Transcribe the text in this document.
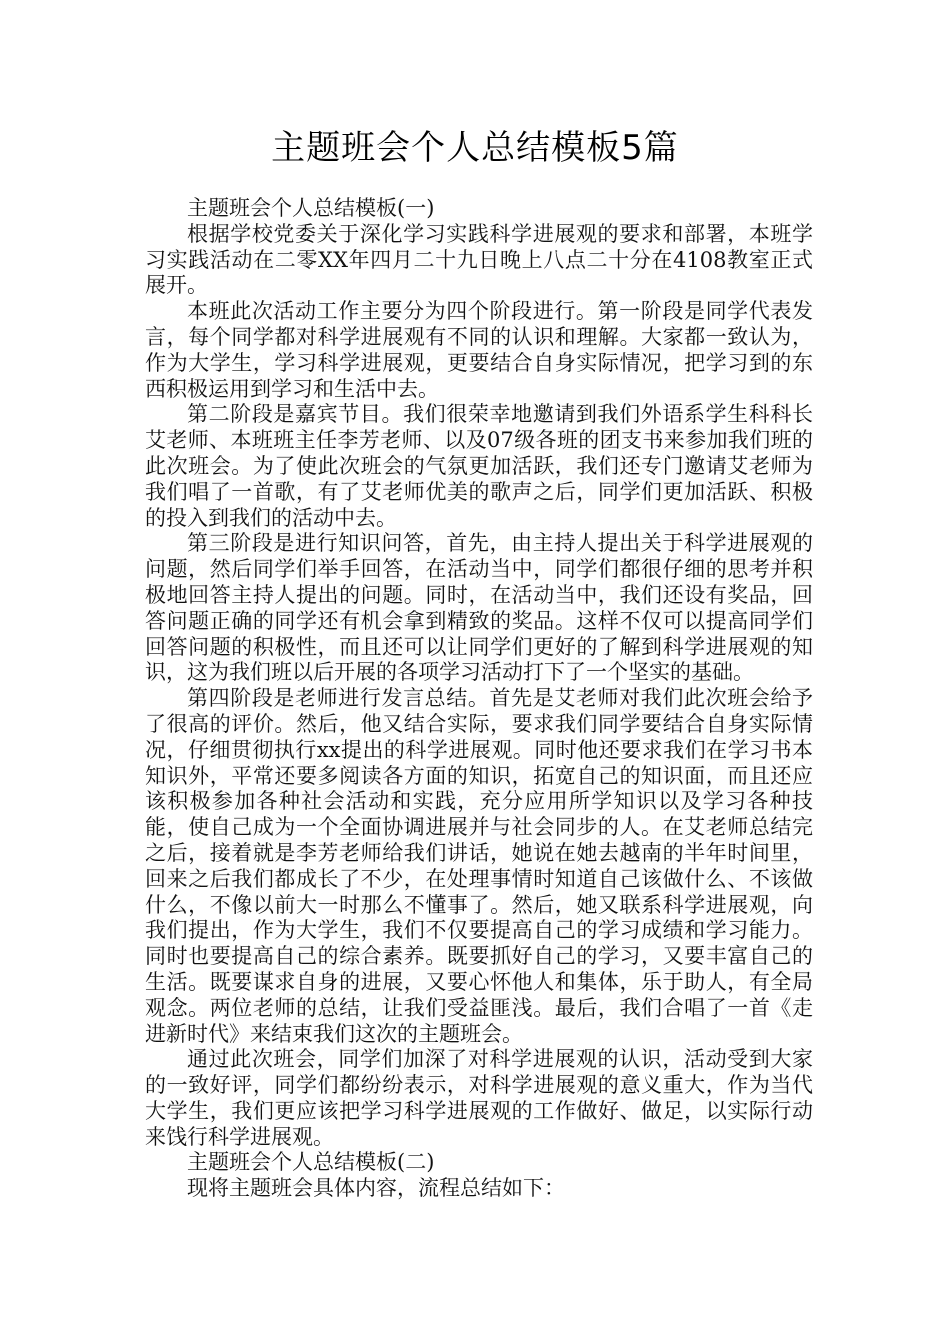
主题班会个人总结模板5篇

主题班会个人总结模板(一)

根据学校党委关于深化学习实践科学进展观的要求和部署，本班学习实践活动在二零XX年四月二十九日晚上八点二十分在4108教室正式展开。

本班此次活动工作主要分为四个阶段进行。第一阶段是同学代表发言，每个同学都对科学进展观有不同的认识和理解。大家都一致认为，作为大学生，学习科学进展观，更要结合自身实际情况，把学习到的东西积极运用到学习和生活中去。

第二阶段是嘉宾节目。我们很荣幸地邀请到我们外语系学生科科长艾老师、本班班主任李芳老师、以及07级各班的团支书来参加我们班的此次班会。为了使此次班会的气氛更加活跃，我们还专门邀请艾老师为我们唱了一首歌，有了艾老师优美的歌声之后，同学们更加活跃、积极的投入到我们的活动中去。

第三阶段是进行知识问答，首先，由主持人提出关于科学进展观的问题，然后同学们举手回答，在活动当中，同学们都很仔细的思考并积极地回答主持人提出的问题。同时，在活动当中，我们还设有奖品，回答问题正确的同学还有机会拿到精致的奖品。这样不仅可以提高同学们回答问题的积极性，而且还可以让同学们更好的了解到科学进展观的知识，这为我们班以后开展的各项学习活动打下了一个坚实的基础。

第四阶段是老师进行发言总结。首先是艾老师对我们此次班会给予了很高的评价。然后，他又结合实际，要求我们同学要结合自身实际情况，仔细贯彻执行xx提出的科学进展观。同时他还要求我们在学习书本知识外，平常还要多阅读各方面的知识，拓宽自己的知识面，而且还应该积极参加各种社会活动和实践，充分应用所学知识以及学习各种技能，使自己成为一个全面协调进展并与社会同步的人。在艾老师总结完之后，接着就是李芳老师给我们讲话，她说在她去越南的半年时间里，回来之后我们都成长了不少，在处理事情时知道自己该做什么、不该做什么，不像以前大一时那么不懂事了。然后，她又联系科学进展观，向我们提出，作为大学生，我们不仅要提高自己的学习成绩和学习能力。同时也要提高自己的综合素养。既要抓好自己的学习，又要丰富自己的生活。既要谋求自身的进展，又要心怀他人和集体，乐于助人，有全局观念。两位老师的总结，让我们受益匪浅。最后，我们合唱了一首《走进新时代》来结束我们这次的主题班会。

通过此次班会，同学们加深了对科学进展观的认识，活动受到大家的一致好评，同学们都纷纷表示，对科学进展观的意义重大，作为当代大学生，我们更应该把学习科学进展观的工作做好、做足，以实际行动来饯行科学进展观。

主题班会个人总结模板(二)

现将主题班会具体内容，流程总结如下：
